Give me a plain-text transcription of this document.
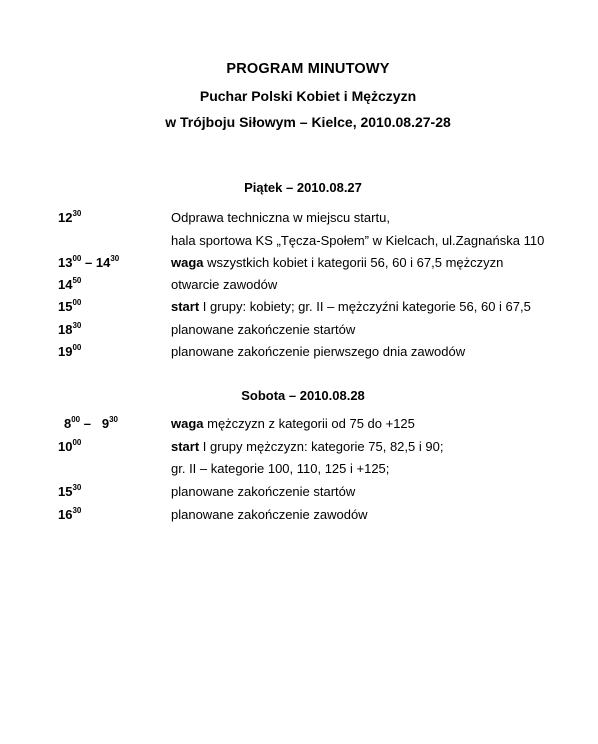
PROGRAM MINUTOWY
Puchar Polski Kobiet i Mężczyzn
w Trójboju Siłowym – Kielce, 2010.08.27-28
Piątek – 2010.08.27
$12^{30}$	Odprawa techniczna w miejscu startu,
hala sportowa KS „Tęcza-Społem” w Kielcach, ul.Zagnańska 110
$13^{00} - 14^{30}$	waga wszystkich kobiet i kategorii 56, 60 i 67,5 mężczyzn
$14^{50}$	otwarcie zawodów
$15^{00}$	start I grupy: kobiety; gr. II – mężczyźni kategorie 56, 60 i 67,5
$18^{30}$	planowane zakończenie startów
$19^{00}$	planowane zakończenie pierwszego dnia zawodów
Sobota – 2010.08.28
$8^{00} - 9^{30}$	waga mężczyzn z kategorii od 75 do +125
$10^{00}$	start I grupy mężczyzn: kategorie 75, 82,5 i 90;
gr. II – kategorie 100, 110, 125 i +125;
$15^{30}$	planowane zakończenie startów
$16^{30}$	planowane zakończenie zawodów
